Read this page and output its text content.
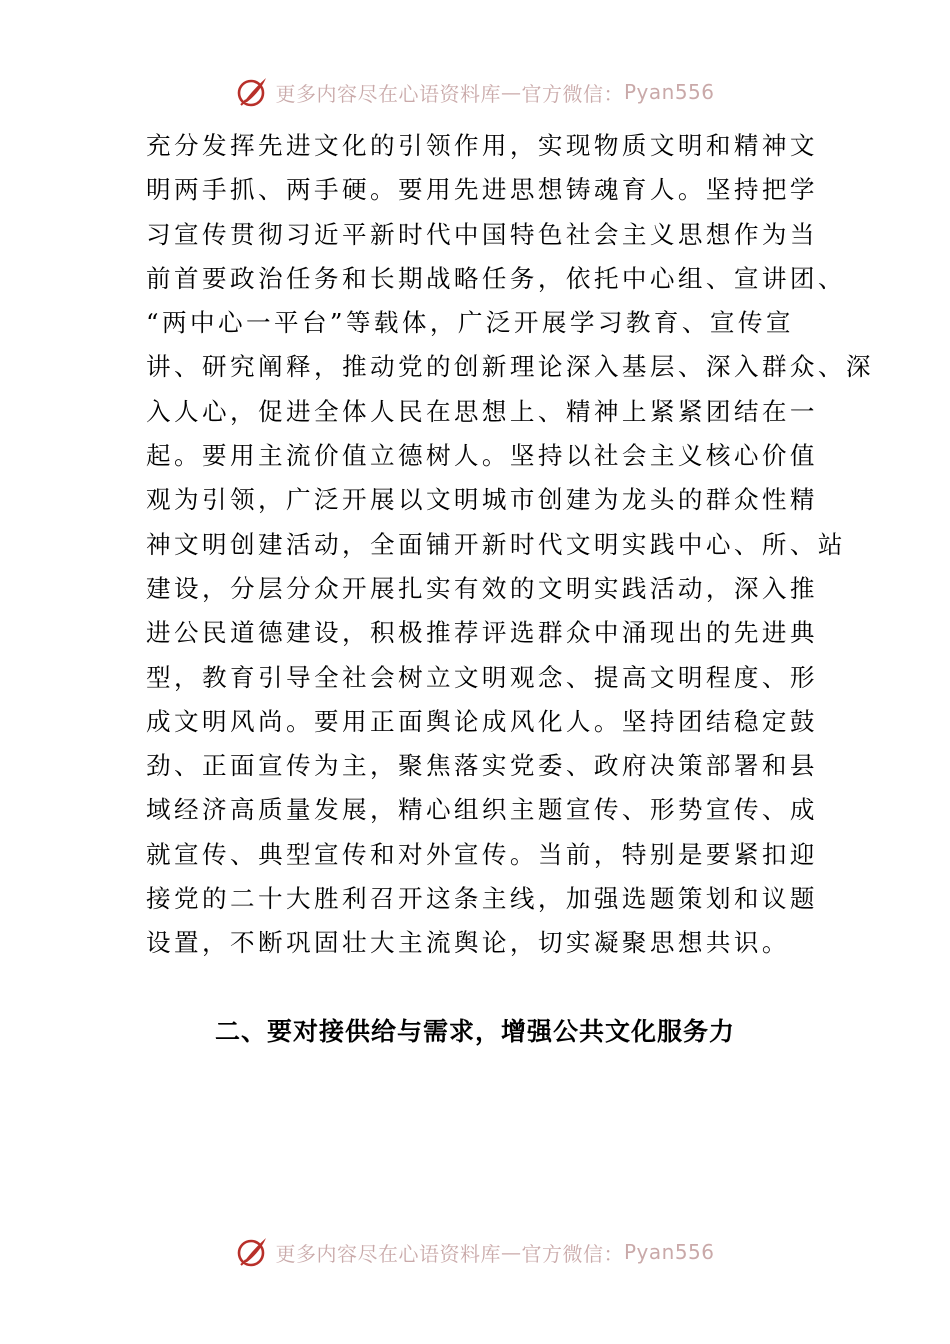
更多内容尽在心语资料库 — 官方微信： Pyan556
充分发挥先进文化的引领作用，实现物质文明和精神文
明两手抓、两手硬。要用先进思想铸魂育人。坚持把学
习宣传贯彻习近平新时代中国特色社会主义思想作为当
前首要政治任务和长期战略任务，依托中心组、宣讲团、
“两中心一平台”等载体，广泛开展学习教育、宣传宣
讲、研究阐释，推动党的创新理论深入基层、深入群众、深
入人心，促进全体人民在思想上、精神上紧紧团结在一
起。要用主流价值立德树人。坚持以社会主义核心价值
观为引领，广泛开展以文明城市创建为龙头的群众性精
神文明创建活动，全面铺开新时代文明实践中心、所、站
建设，分层分众开展扎实有效的文明实践活动，深入推
进公民道德建设，积极推荐评选群众中涌现出的先进典
型，教育引导全社会树立文明观念、提高文明程度、形
成文明风尚。要用正面舆论成风化人。坚持团结稳定鼓
劲、正面宣传为主，聚焦落实党委、政府决策部署和县
域经济高质量发展，精心组织主题宣传、形势宣传、成
就宣传、典型宣传和对外宣传。当前，特别是要紧扣迎
接党的二十大胜利召开这条主线，加强选题策划和议题
设置，不断巩固壮大主流舆论，切实凝聚思想共识。
二、要对接供给与需求，增强公共文化服务力
更多内容尽在心语资料库 — 官方微信： Pyan556
